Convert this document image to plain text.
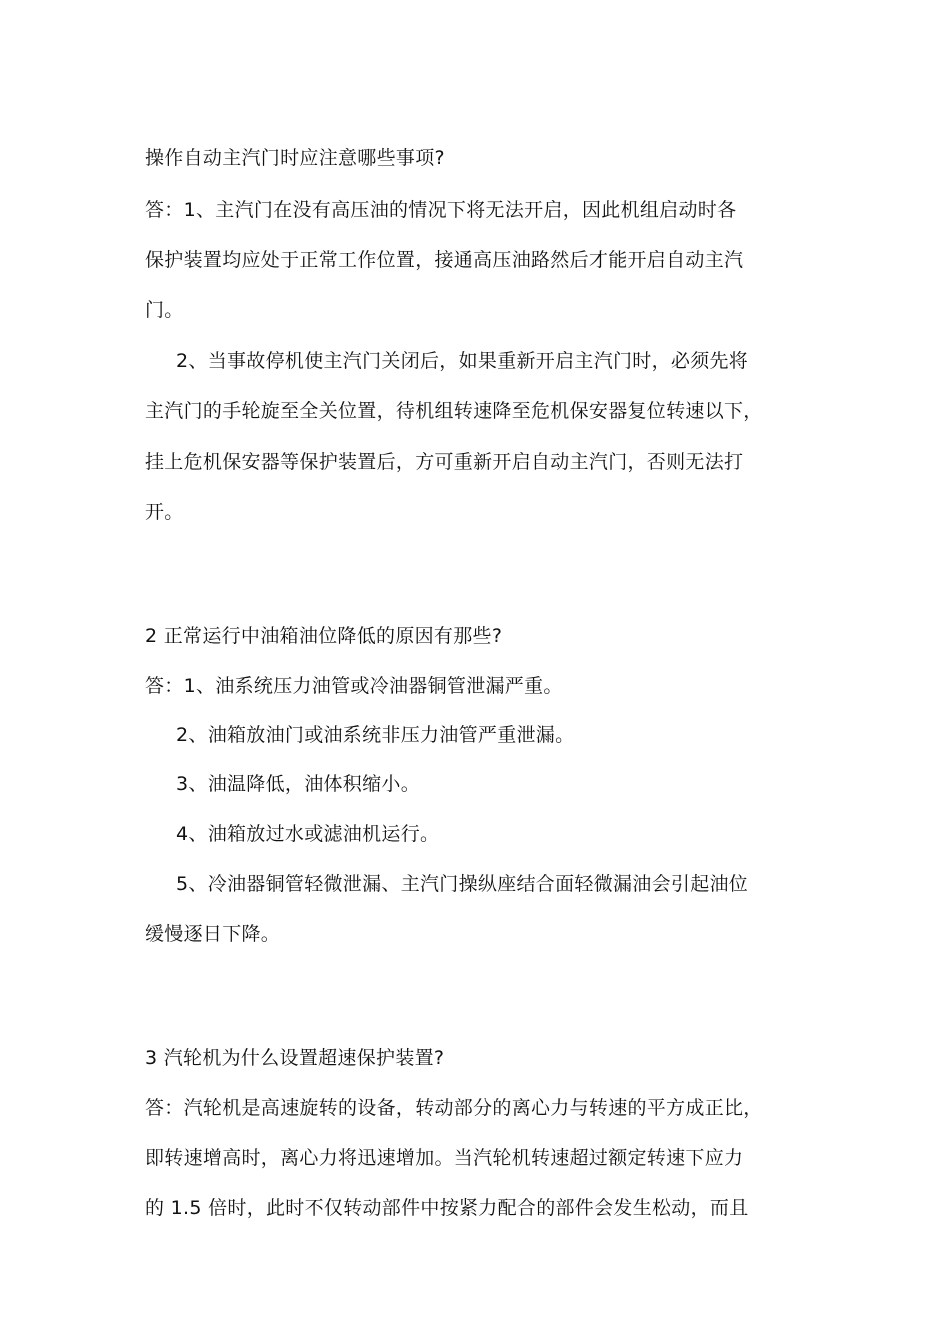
操作自动主汽门时应注意哪些事项?
答：1、主汽门在没有高压油的情况下将无法开启，因此机组启动时各
保护装置均应处于正常工作位置，接通高压油路然后才能开启自动主汽
门。
2、当事故停机使主汽门关闭后，如果重新开启主汽门时，必须先将
主汽门的手轮旋至全关位置，待机组转速降至危机保安器复位转速以下，
挂上危机保安器等保护装置后，方可重新开启自动主汽门，否则无法打
开。
2 正常运行中油箱油位降低的原因有那些?
答：1、油系统压力油管或冷油器铜管泄漏严重。
2、油箱放油门或油系统非压力油管严重泄漏。
3、油温降低，油体积缩小。
4、油箱放过水或滤油机运行。
5、冷油器铜管轻微泄漏、主汽门操纵座结合面轻微漏油会引起油位
缓慢逐日下降。
3 汽轮机为什么设置超速保护装置?
答：汽轮机是高速旋转的设备，转动部分的离心力与转速的平方成正比，
即转速增高时，离心力将迅速增加。当汽轮机转速超过额定转速下应力
的 1.5 倍时，此时不仅转动部件中按紧力配合的部件会发生松动，而且
